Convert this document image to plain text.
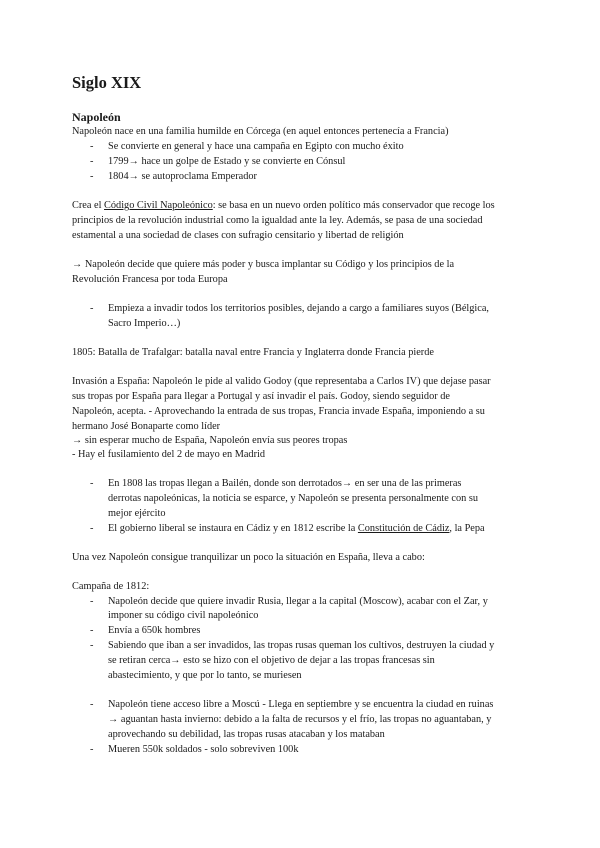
Siglo XIX
Napoleón
Napoleón nace en una familia humilde en Córcega (en aquel entonces pertenecía a Francia)
- Se convierte en general y hace una campaña en Egipto con mucho éxito
- 1799→ hace un golpe de Estado y se convierte en Cónsul
- 1804→ se autoproclama Emperador
Crea el Código Civil Napoleónico: se basa en un nuevo orden político más conservador que recoge los
principios de la revolución industrial como la igualdad ante la ley. Además, se pasa de una sociedad
estamental a una sociedad de clases con sufragio censitario y libertad de religión
→ Napoleón decide que quiere más poder y busca implantar su Código y los principios de la
Revolución Francesa por toda Europa
- Empieza a invadir todos los territorios posibles, dejando a cargo a familiares suyos (Bélgica,
Sacro Imperio…)
1805: Batalla de Trafalgar: batalla naval entre Francia y Inglaterra donde Francia pierde
Invasión a España: Napoleón le pide al valido Godoy (que representaba a Carlos IV) que dejase pasar
sus tropas por España para llegar a Portugal y así invadir el país. Godoy, siendo seguidor de
Napoleón, acepta. - Aprovechando la entrada de sus tropas, Francia invade España, imponiendo a su
hermano José Bonaparte como líder
→ sin esperar mucho de España, Napoleón envía sus peores tropas
- Hay el fusilamiento del 2 de mayo en Madrid
- En 1808 las tropas llegan a Bailén, donde son derrotados→ en ser una de las primeras
derrotas napoleónicas, la noticia se esparce, y Napoleón se presenta personalmente con su
mejor ejército
- El gobierno liberal se instaura en Cádiz y en 1812 escribe la Constitución de Cádiz, la Pepa
Una vez Napoleón consigue tranquilizar un poco la situación en España, lleva a cabo:
Campaña de 1812:
- Napoleón decide que quiere invadir Rusia, llegar a la capital (Moscow), acabar con el Zar, y
imponer su código civil napoleónico
- Envía a 650k hombres
- Sabiendo que iban a ser invadidos, las tropas rusas queman los cultivos, destruyen la ciudad y
se retiran cerca→ esto se hizo con el objetivo de dejar a las tropas francesas sin
abastecimiento, y que por lo tanto, se muriesen
- Napoleón tiene acceso libre a Moscú - Llega en septiembre y se encuentra la ciudad en ruinas
→ aguantan hasta invierno: debido a la falta de recursos y el frío, las tropas no aguantaban, y
aprovechando su debilidad, las tropas rusas atacaban y los mataban
- Mueren 550k soldados - solo sobreviven 100k
